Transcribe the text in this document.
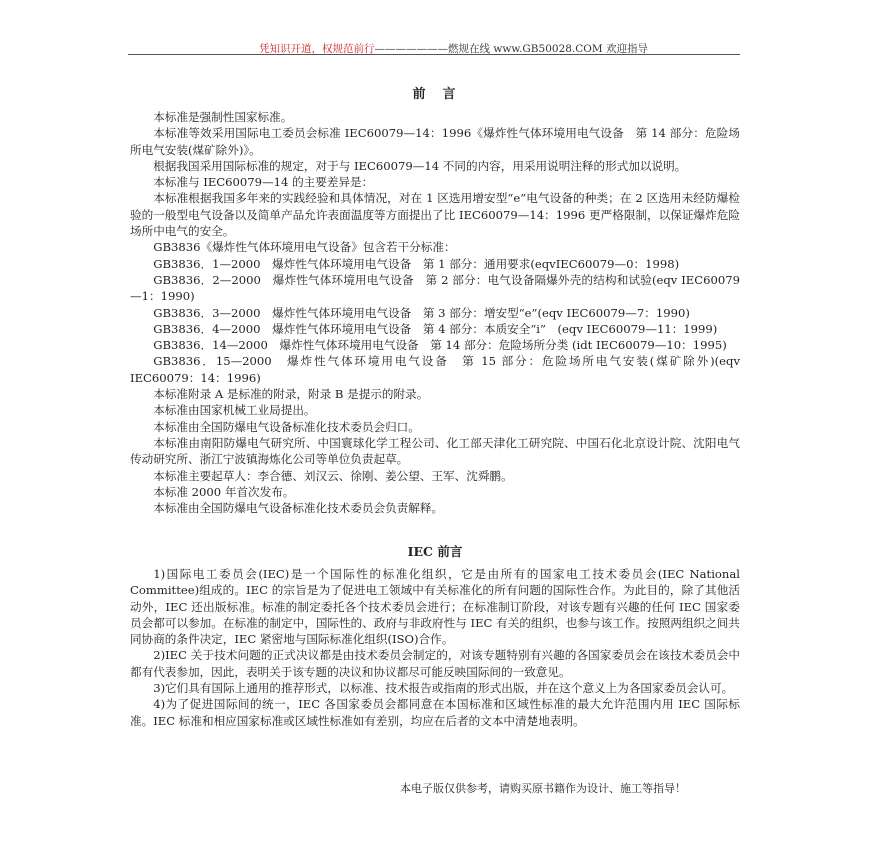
凭知识开道，权规范前行———————燃规在线 www.GB50028.COM 欢迎指导
前　言

本标准是强制性国家标准。

本标准等效采用国际电工委员会标准 IEC60079—14：1996《爆炸性气体环境用电气设备　第 14 部分：危险场所电气安装(煤矿除外)》。

根据我国采用国际标准的规定，对于与 IEC60079—14 不同的内容，用采用说明注释的形式加以说明。

本标准与 IEC60079—14 的主要差异是：

本标准根据我国多年来的实践经验和具体情况，对在 1 区选用增安型“e”电气设备的种类；在 2 区选用未经防爆检验的一般型电气设备以及简单产品允许表面温度等方面提出了比 IEC60079—14：1996 更严格限制，以保证爆炸危险场所中电气的安全。

GB3836《爆炸性气体环境用电气设备》包含若干分标准：

GB3836．1—2000　爆炸性气体环境用电气设备　第 1 部分：通用要求(eqvIEC60079—0：1998)

GB3836．2—2000　爆炸性气体环境用电气设备　第 2 部分：电气设备隔爆外壳的结构和试验(eqv IEC60079—1：1990)

GB3836．3—2000　爆炸性气体环境用电气设备　第 3 部分：增安型“e”(eqv IEC60079—7：1990)

GB3836．4—2000　爆炸性气体环境用电气设备　第 4 部分：本质安全“i”　(eqv IEC60079—11：1999)

GB3836．14—2000　爆炸性气体环境用电气设备　第 14 部分：危险场所分类 (idt IEC60079—10：1995)

GB3836．15—2000　爆炸性气体环境用电气设备　第 15 部分：危险场所电气安装(煤矿除外)(eqv IEC60079：14：1996)

本标准附录 A 是标准的附录，附录 B 是提示的附录。

本标准由国家机械工业局提出。

本标准由全国防爆电气设备标准化技术委员会归口。

本标准由南阳防爆电气研究所、中国寰球化学工程公司、化工部天津化工研究院、中国石化北京设计院、沈阳电气传动研究所、浙江宁波镇海炼化公司等单位负责起草。

本标准主要起草人：李合德、刘汉云、徐刚、姜公望、王军、沈舜鹏。

本标准 2000 年首次发布。

本标准由全国防爆电气设备标准化技术委员会负责解释。

IEC 前言

1)国际电工委员会(IEC)是一个国际性的标准化组织，它是由所有的国家电工技术委员会(IEC National Committee)组成的。IEC 的宗旨是为了促进电工领域中有关标准化的所有问题的国际性合作。为此目的，除了其他活动外，IEC 还出版标准。标准的制定委托各个技术委员会进行；在标准制订阶段，对该专题有兴趣的任何 IEC 国家委员会都可以参加。在标准的制定中，国际性的、政府与非政府性与 IEC 有关的组织，也参与该工作。按照两组织之间共同协商的条件决定，IEC 紧密地与国际标准化组织(ISO)合作。

2)IEC 关于技术问题的正式决议都是由技术委员会制定的，对该专题特别有兴趣的各国家委员会在该技术委员会中都有代表参加，因此，表明关于该专题的决议和协议都尽可能反映国际间的一致意见。

3)它们具有国际上通用的推荐形式，以标准、技术报告或指南的形式出版，并在这个意义上为各国家委员会认可。

4)为了促进国际间的统一，IEC 各国家委员会都同意在本国标准和区域性标准的最大允许范围内用 IEC 国际标准。IEC 标准和相应国家标准或区域性标准如有差别，均应在后者的文本中清楚地表明。

本电子版仅供参考，请购买原书籍作为设计、施工等指导！
